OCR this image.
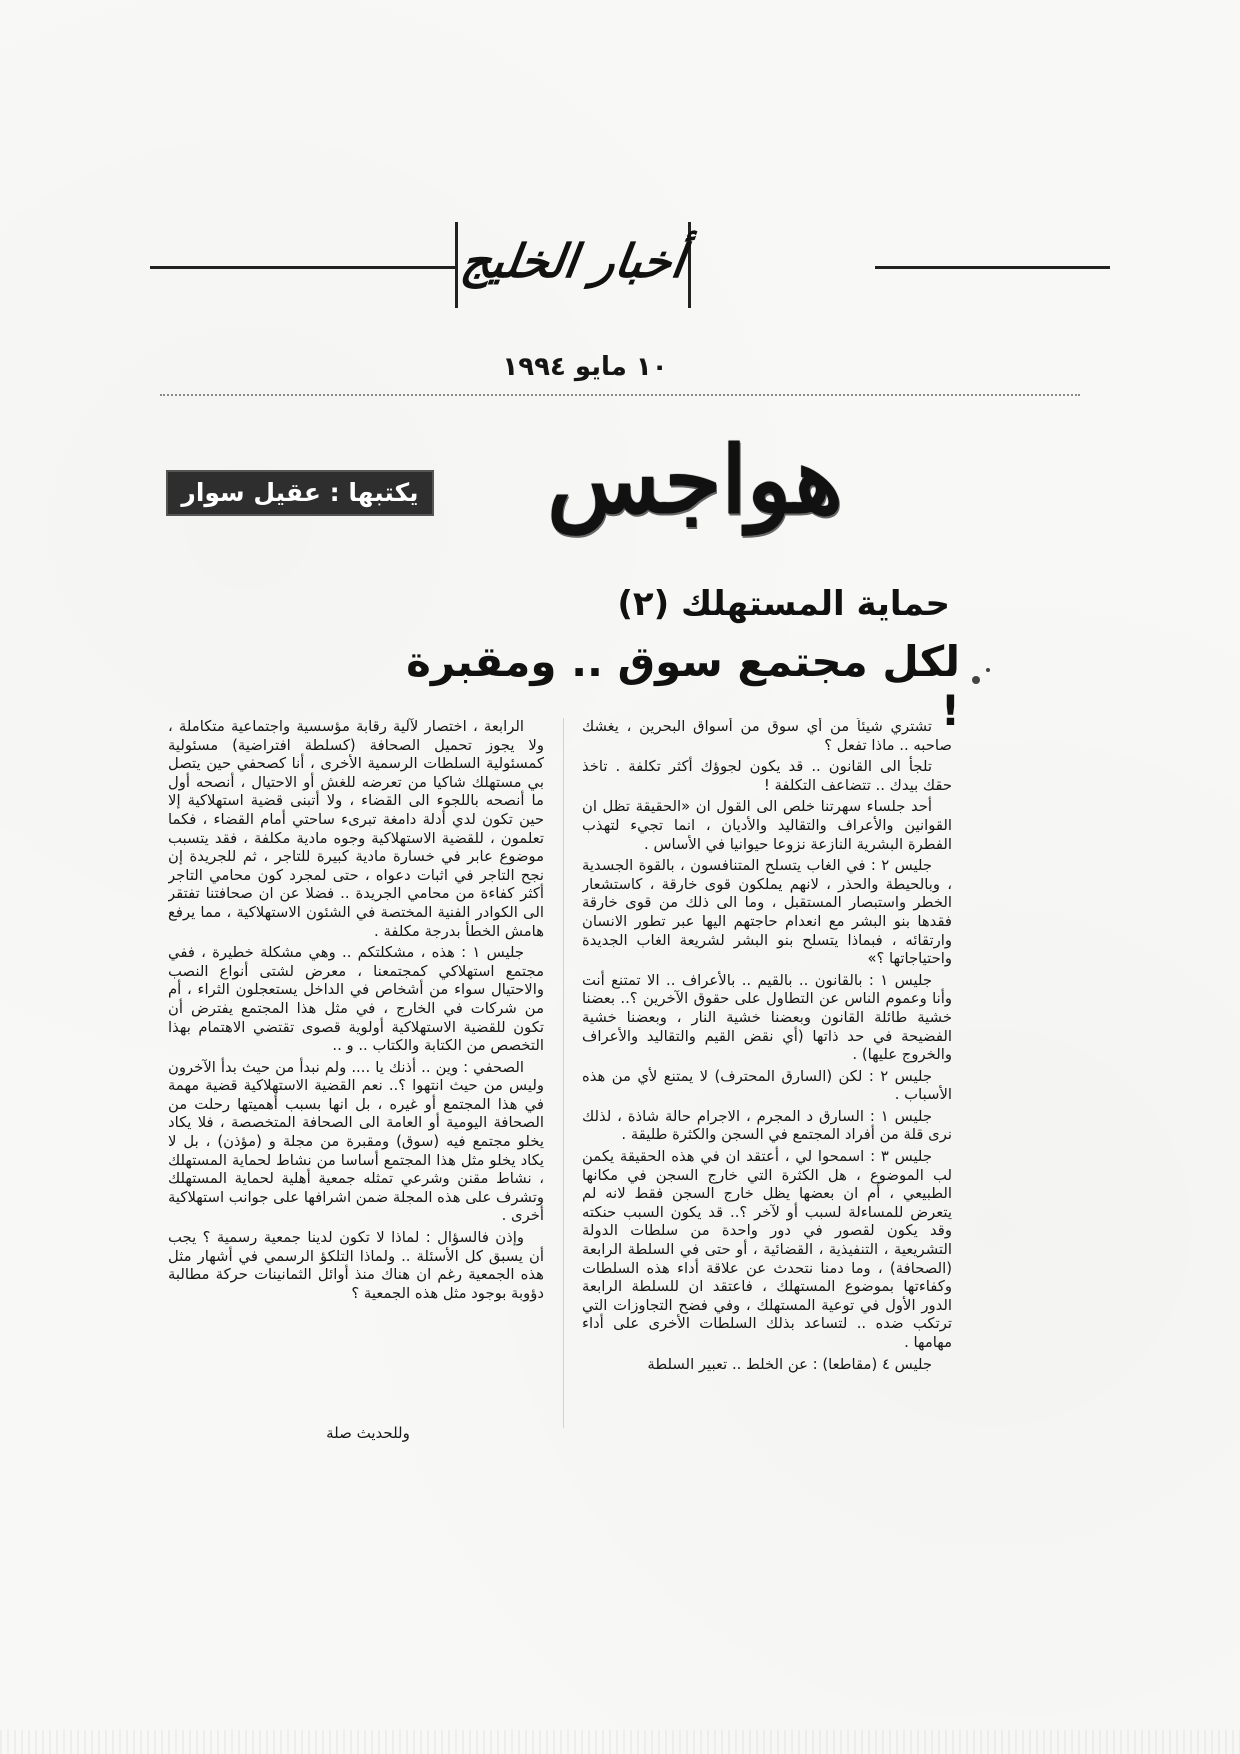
أخبار الخليج
١٠ مايو ١٩٩٤
هواجس
يكتبها : عقيل سوار
حماية المستهلك (٢)
لكل مجتمع سوق .. ومقبرة !

تشتري شيئاً من أي سوق من أسواق البحرين ، يغشك صاحبه .. ماذا تفعل ؟

تلجأ الى القانون .. قد يكون لجوؤك أكثر تكلفة . تاخذ حقك بيدك .. تتضاعف التكلفة !

أحد جلساء سهرتنا خلص الى القول ان «الحقيقة تظل ان القوانين والأعراف والتقاليد والأديان ، انما تجيء لتهذب الفطرة البشرية النازعة نزوعا حيوانيا في الأساس .

جليس ٢ : في الغاب يتسلح المتنافسون ، بالقوة الجسدية ، وبالحيطة والحذر ، لانهم يملكون قوى خارقة ، كاستشعار الخطر واستبصار المستقبل ، وما الى ذلك من قوى خارقة فقدها بنو البشر مع انعدام حاجتهم اليها عبر تطور الانسان وارتقائه ، فبماذا يتسلح بنو البشر لشريعة الغاب الجديدة واحتياجاتها ؟»

جليس ١ : بالقانون .. بالقيم .. بالأعراف .. الا تمتنع أنت وأنا وعموم الناس عن التطاول على حقوق الآخرين ؟.. بعضنا خشية طائلة القانون وبعضنا خشية النار ، وبعضنا خشية الفضيحة في حد ذاتها (أي نقض القيم والتقاليد والأعراف والخروج عليها) .

جليس ٢ : لكن (السارق المحترف) لا يمتنع لأي من هذه الأسباب .

جليس ١ : السارق د المجرم ، الاجرام حالة شاذة ، لذلك نرى قلة من أفراد المجتمع في السجن والكثرة طليقة .

جليس ٣ : اسمحوا لي ، أعتقد ان في هذه الحقيقة يكمن لب الموضوع ، هل الكثرة التي خارج السجن في مكانها الطبيعي ، أم ان بعضها يظل خارج السجن فقط لانه لم يتعرض للمساءلة لسبب أو لآخر ؟.. قد يكون السبب حنكته وقد يكون لقصور في دور واحدة من سلطات الدولة التشريعية ، التنفيذية ، القضائية ، أو حتى في السلطة الرابعة (الصحافة) ، وما دمنا نتحدث عن علاقة أداء هذه السلطات وكفاءتها بموضوع المستهلك ، فاعتقد ان للسلطة الرابعة الدور الأول في توعية المستهلك ، وفي فضح التجاوزات التي ترتكب ضده .. لتساعد بذلك السلطات الأخرى على أداء مهامها .

جليس ٤ (مقاطعا) : عن الخلط .. تعبير السلطة

الرابعة ، اختصار لآلية رقابة مؤسسية واجتماعية متكاملة ، ولا يجوز تحميل الصحافة (كسلطة افتراضية) مسئولية كمسئولية السلطات الرسمية الأخرى ، أنا كصحفي حين يتصل بي مستهلك شاكيا من تعرضه للغش أو الاحتيال ، أنصحه أول ما أنصحه باللجوء الى القضاء ، ولا أتبنى قضية استهلاكية إلا حين تكون لدي أدلة دامغة تبرىء ساحتي أمام القضاء ، فكما تعلمون ، للقضية الاستهلاكية وجوه مادية مكلفة ، فقد يتسبب موضوع عابر في خسارة مادية كبيرة للتاجر ، ثم للجريدة إن نجح التاجر في اثبات دعواه ، حتى لمجرد كون محامي التاجر أكثر كفاءة من محامي الجريدة .. فضلا عن ان صحافتنا تفتقر الى الكوادر الفنية المختصة في الشئون الاستهلاكية ، مما يرفع هامش الخطأ بدرجة مكلفة .

جليس ١ : هذه ، مشكلتكم .. وهي مشكلة خطيرة ، ففي مجتمع استهلاكي كمجتمعنا ، معرض لشتى أنواع النصب والاحتيال سواء من أشخاص في الداخل يستعجلون الثراء ، أم من شركات في الخارج ، في مثل هذا المجتمع يفترض أن تكون للقضية الاستهلاكية أولوية قصوى تقتضي الاهتمام بهذا التخصص من الكتابة والكتاب .. و ..

الصحفي : وين .. أذنك يا .... ولم نبدأ من حيث بدأ الآخرون وليس من حيث انتهوا ؟.. نعم القضية الاستهلاكية قضية مهمة في هذا المجتمع أو غيره ، بل انها بسبب أهميتها رحلت من الصحافة اليومية أو العامة الى الصحافة المتخصصة ، فلا يكاد يخلو مجتمع فيه (سوق) ومقبرة من مجلة و (مؤذن) ، بل لا يكاد يخلو مثل هذا المجتمع أساسا من نشاط لحماية المستهلك ، نشاط مقنن وشرعي تمثله جمعية أهلية لحماية المستهلك وتشرف على هذه المجلة ضمن اشرافها على جوانب استهلاكية أخرى .

وإذن فالسؤال : لماذا لا تكون لدينا جمعية رسمية ؟ يجب أن يسبق كل الأسئلة .. ولماذا التلكؤ الرسمي في أشهار مثل هذه الجمعية رغم ان هناك منذ أوائل الثمانينات حركة مطالبة دؤوبة بوجود مثل هذه الجمعية ؟

وللحديث صلة
